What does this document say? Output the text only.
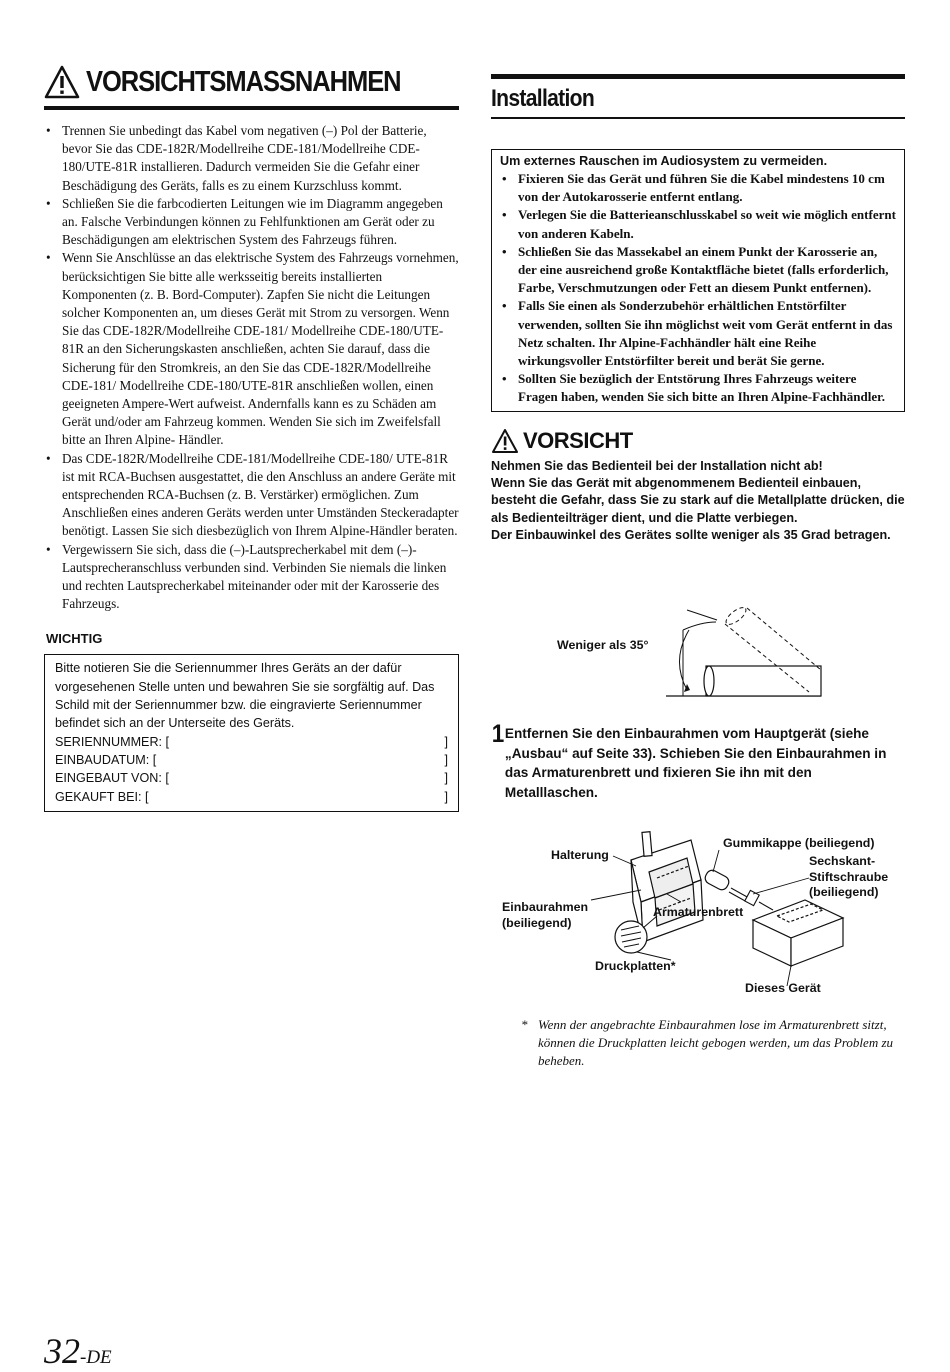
VORSICHTSMASSNAHMEN
• Trennen Sie unbedingt das Kabel vom negativen (–) Pol der Batterie, bevor Sie das CDE-182R/Modellreihe CDE-181/Modellreihe CDE-180/UTE-81R installieren. Dadurch vermeiden Sie die Gefahr einer Beschädigung des Geräts, falls es zu einem Kurzschluss kommt.
• Schließen Sie die farbcodierten Leitungen wie im Diagramm angegeben an. Falsche Verbindungen können zu Fehlfunktionen am Gerät oder zu Beschädigungen am elektrischen System des Fahrzeugs führen.
• Wenn Sie Anschlüsse an das elektrische System des Fahrzeugs vornehmen, berücksichtigen Sie bitte alle werksseitig bereits installierten Komponenten (z. B. Bord-Computer). Zapfen Sie nicht die Leitungen solcher Komponenten an, um dieses Gerät mit Strom zu versorgen. Wenn Sie das CDE-182R/Modellreihe CDE-181/ Modellreihe CDE-180/UTE-81R an den Sicherungskasten anschließen, achten Sie darauf, dass die Sicherung für den Stromkreis, an den Sie das CDE-182R/Modellreihe CDE-181/ Modellreihe CDE-180/UTE-81R anschließen wollen, einen geeigneten Ampere-Wert aufweist. Andernfalls kann es zu Schäden am Gerät und/oder am Fahrzeug kommen. Wenden Sie sich im Zweifelsfall bitte an Ihren Alpine- Händler.
• Das CDE-182R/Modellreihe CDE-181/Modellreihe CDE-180/ UTE-81R ist mit RCA-Buchsen ausgestattet, die den Anschluss an andere Geräte mit entsprechenden RCA-Buchsen (z. B. Verstärker) ermöglichen. Zum Anschließen eines anderen Geräts werden unter Umständen Steckeradapter benötigt. Lassen Sie sich diesbezüglich von Ihrem Alpine-Händler beraten.
• Vergewissern Sie sich, dass die (–)-Lautsprecherkabel mit dem (–)-Lautsprecheranschluss verbunden sind. Verbinden Sie niemals die linken und rechten Lautsprecherkabel miteinander oder mit der Karosserie des Fahrzeugs.
WICHTIG
Bitte notieren Sie die Seriennummer Ihres Geräts an der dafür vorgesehenen Stelle unten und bewahren Sie sie sorgfältig auf. Das Schild mit der Seriennummer bzw. die eingravierte Seriennummer befindet sich an der Unterseite des Geräts.
SERIENNUMMER: [	]
EINBAUDATUM: [	]
EINGEBAUT VON: [	]
GEKAUFT BEI: [	]
Installation
Um externes Rauschen im Audiosystem zu vermeiden.
• Fixieren Sie das Gerät und führen Sie die Kabel mindestens 10 cm von der Autokarosserie entfernt entlang.
• Verlegen Sie die Batterieanschlusskabel so weit wie möglich entfernt von anderen Kabeln.
• Schließen Sie das Massekabel an einem Punkt der Karosserie an, der eine ausreichend große Kontaktfläche bietet (falls erforderlich, Farbe, Verschmutzungen oder Fett an diesem Punkt entfernen).
• Falls Sie einen als Sonderzubehör erhältlichen Entstörfilter verwenden, sollten Sie ihn möglichst weit vom Gerät entfernt in das Netz schalten. Ihr Alpine-Fachhändler hält eine Reihe wirkungsvoller Entstörfilter bereit und berät Sie gerne.
• Sollten Sie bezüglich der Entstörung Ihres Fahrzeugs weitere Fragen haben, wenden Sie sich bitte an Ihren Alpine-Fachhändler.
VORSICHT
Nehmen Sie das Bedienteil bei der Installation nicht ab!
Wenn Sie das Gerät mit abgenommenem Bedienteil einbauen, besteht die Gefahr, dass Sie zu stark auf die Metallplatte drücken, die als Bedienteilträger dient, und die Platte verbiegen.
Der Einbauwinkel des Gerätes sollte weniger als 35 Grad betragen.
Weniger als 35°
1 Entfernen Sie den Einbaurahmen vom Hauptgerät (siehe „Ausbau“ auf Seite 33). Schieben Sie den Einbaurahmen in das Armaturenbrett und fixieren Sie ihn mit den Metalllaschen.
Halterung
Gummikappe (beiliegend)
Sechskant-
Stiftschraube
(beiliegend)
Einbaurahmen
(beiliegend)
Armaturenbrett
Druckplatten*
Dieses Gerät
* Wenn der angebrachte Einbaurahmen lose im Armaturenbrett sitzt, können die Druckplatten leicht gebogen werden, um das Problem zu beheben.
32-DE
